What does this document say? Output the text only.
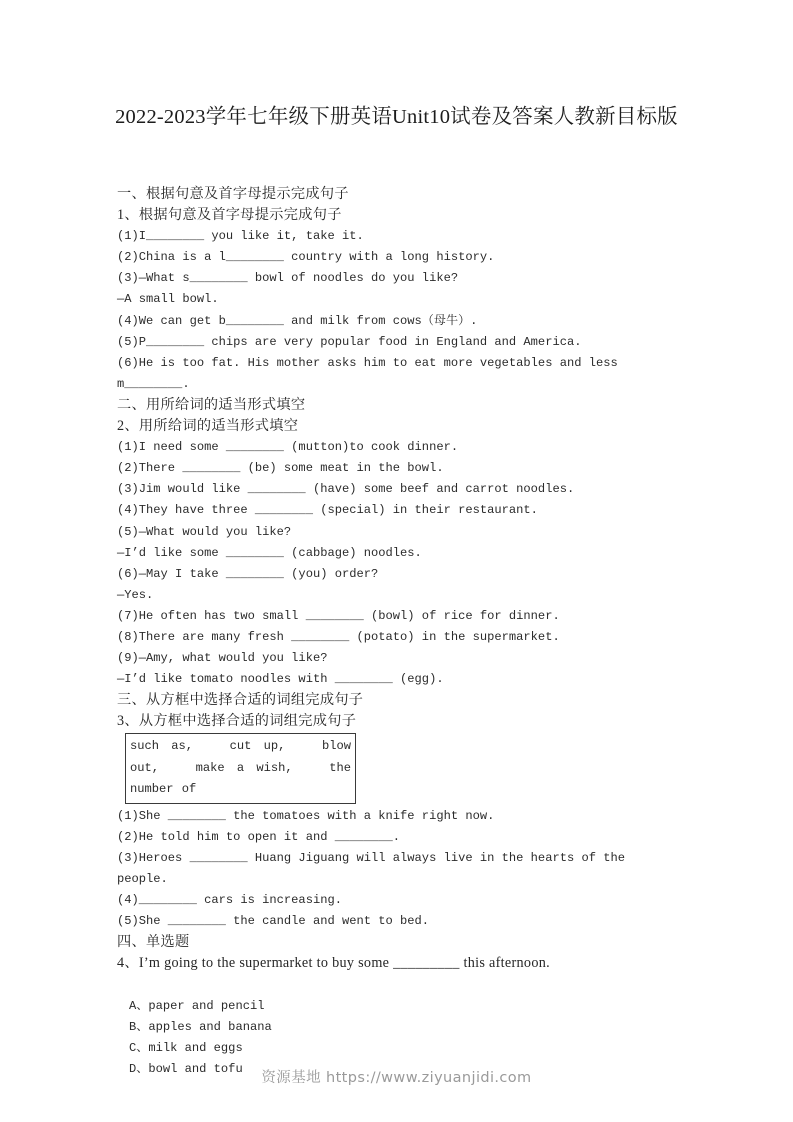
2022-2023学年七年级下册英语Unit10试卷及答案人教新目标版
一、根据句意及首字母提示完成句子
1、根据句意及首字母提示完成句子
(1)I________ you like it, take it.
(2)China is a l________ country with a long history.
(3)—What s________ bowl of noodles do you like?
—A small bowl.
(4)We can get b________ and milk from cows（母牛）.
(5)P________ chips are very popular food in England and America.
(6)He is too fat. His mother asks him to eat more vegetables and less m________.
二、用所给词的适当形式填空
2、用所给词的适当形式填空
(1)I need some ________ (mutton)to cook dinner.
(2)There ________ (be) some meat in the bowl.
(3)Jim would like ________ (have) some beef and carrot noodles.
(4)They have three ________ (special) in their restaurant.
(5)—What would you like?
—I’d like some ________ (cabbage) noodles.
(6)—May I take ________ (you) order?
—Yes.
(7)He often has two small ________ (bowl) of rice for dinner.
(8)There are many fresh ________ (potato) in the supermarket.
(9)—Amy, what would you like?
—I’d like tomato noodles with ________ (egg).
三、从方框中选择合适的词组完成句子
3、从方框中选择合适的词组完成句子
such as,	cut up,	blow out,	make a wish,	the number of
(1)She ________ the tomatoes with a knife right now.
(2)He told him to open it and ________.
(3)Heroes ________ Huang Jiguang will always live in the hearts of the people.
(4)________ cars is increasing.
(5)She ________ the candle and went to bed.
四、单选题
4、I’m going to the supermarket to buy some _________ this afternoon.
A、paper and pencil
B、apples and banana
C、milk and eggs
D、bowl and tofu
资源基地 https://www.ziyuanjidi.com
